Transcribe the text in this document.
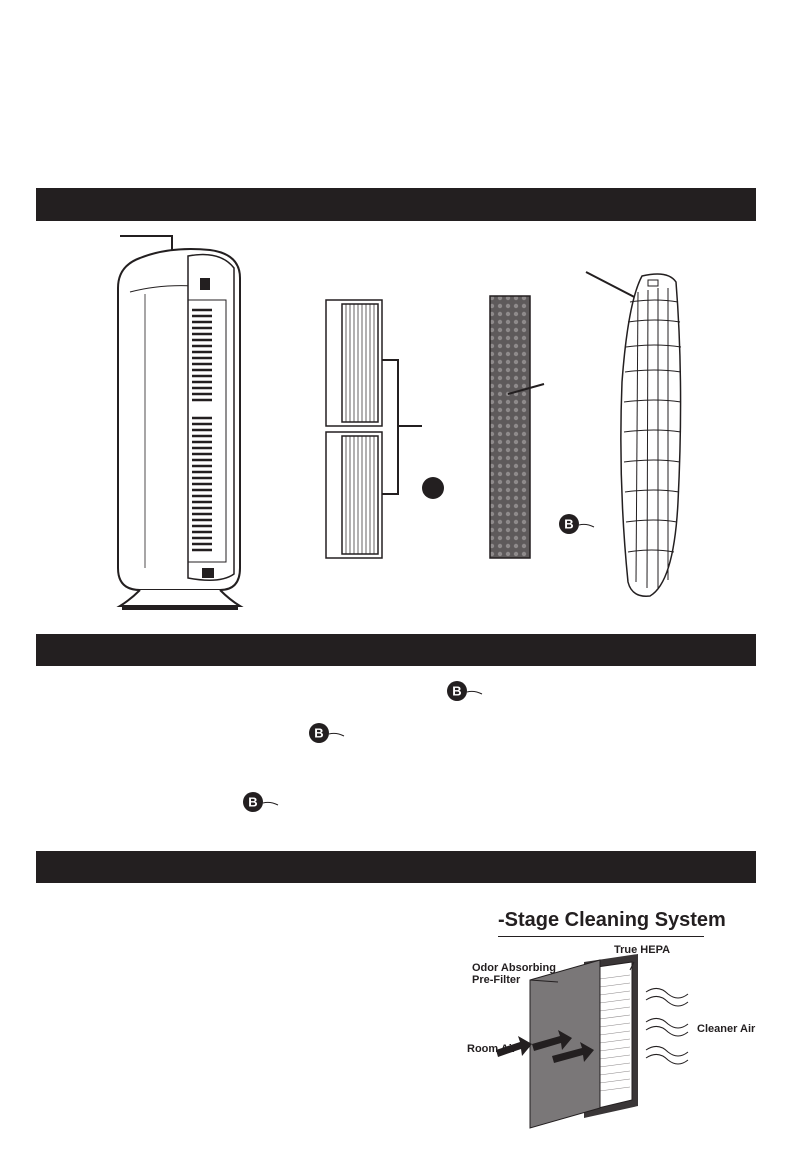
B
B
B
B
-Stage Cleaning System
True HEPA
Odor Absorbing
Pre-Filter
Room Air
Cleaner Air
